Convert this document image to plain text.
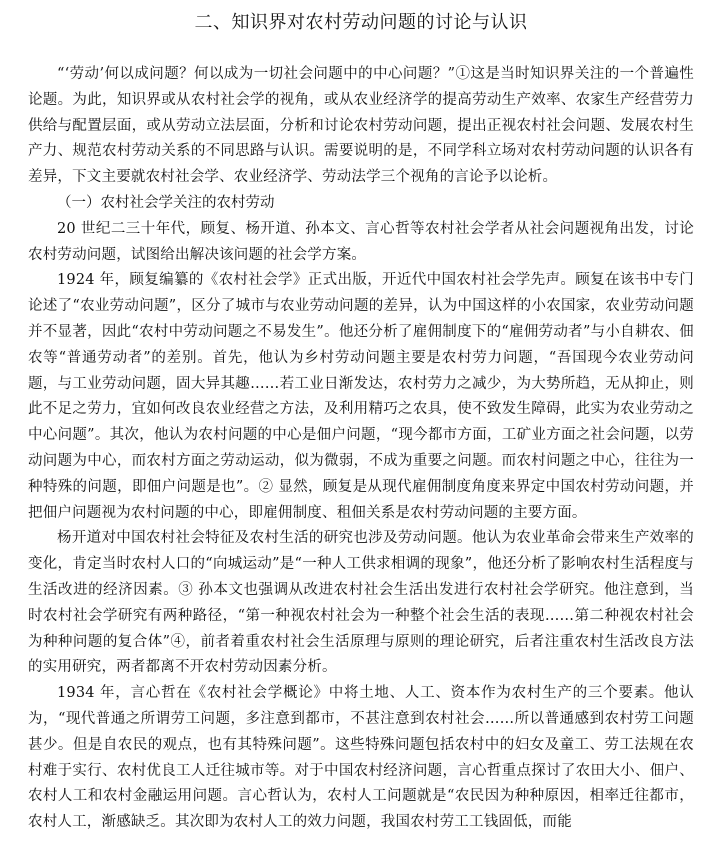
二、知识界对农村劳动问题的讨论与认识

“‘劳动’何以成问题？何以成为一切社会问题中的中心问题？”①这是当时知识界关注的一个普遍性论题。为此，知识界或从农村社会学的视角，或从农业经济学的提高劳动生产效率、农家生产经营劳力供给与配置层面，或从劳动立法层面，分析和讨论农村劳动问题，提出正视农村社会问题、发展农村生产力、规范农村劳动关系的不同思路与认识。需要说明的是，不同学科立场对农村劳动问题的认识各有差异，下文主要就农村社会学、农业经济学、劳动法学三个视角的言论予以论析。

（一）农村社会学关注的农村劳动

20 世纪二三十年代，顾复、杨开道、孙本文、言心哲等农村社会学者从社会问题视角出发，讨论农村劳动问题，试图给出解决该问题的社会学方案。

1924 年，顾复编纂的《农村社会学》正式出版，开近代中国农村社会学先声。顾复在该书中专门论述了“农业劳动问题”，区分了城市与农业劳动问题的差异，认为中国这样的小农国家，农业劳动问题并不显著，因此“农村中劳动问题之不易发生”。他还分析了雇佣制度下的“雇佣劳动者”与小自耕农、佃农等“普通劳动者”的差别。首先，他认为乡村劳动问题主要是农村劳力问题，“吾国现今农业劳动问题，与工业劳动问题，固大异其趣……若工业日渐发达，农村劳力之减少，为大势所趋，无从抑止，则此不足之劳力，宜如何改良农业经营之方法，及利用精巧之农具，使不致发生障碍，此实为农业劳动之中心问题”。其次，他认为农村问题的中心是佃户问题，“现今都市方面，工矿业方面之社会问题，以劳动问题为中心，而农村方面之劳动运动，似为微弱，不成为重要之问题。而农村问题之中心，往往为一种特殊的问题，即佃户问题是也”。② 显然，顾复是从现代雇佣制度角度来界定中国农村劳动问题，并把佃户问题视为农村问题的中心，即雇佣制度、租佃关系是农村劳动问题的主要方面。

杨开道对中国农村社会特征及农村生活的研究也涉及劳动问题。他认为农业革命会带来生产效率的变化，肯定当时农村人口的“向城运动”是“一种人工供求相调的现象”，他还分析了影响农村生活程度与生活改进的经济因素。③ 孙本文也强调从改进农村社会生活出发进行农村社会学研究。他注意到，当时农村社会学研究有两种路径，“第一种视农村社会为一种整个社会生活的表现……第二种视农村社会为种种问题的复合体”④，前者着重农村社会生活原理与原则的理论研究，后者注重农村生活改良方法的实用研究，两者都离不开农村劳动因素分析。

1934 年，言心哲在《农村社会学概论》中将土地、人工、资本作为农村生产的三个要素。他认为，“现代普通之所谓劳工问题，多注意到都市，不甚注意到农村社会……所以普通感到农村劳工问题甚少。但是自农民的观点，也有其特殊问题”。这些特殊问题包括农村中的妇女及童工、劳工法规在农村难于实行、农村优良工人迁往城市等。对于中国农村经济问题，言心哲重点探讨了农田大小、佃户、农村人工和农村金融运用问题。言心哲认为，农村人工问题就是“农民因为种种原因，相率迁往都市，农村人工，渐感缺乏。其次即为农村人工的效力问题，我国农村劳工工钱固低，而能
